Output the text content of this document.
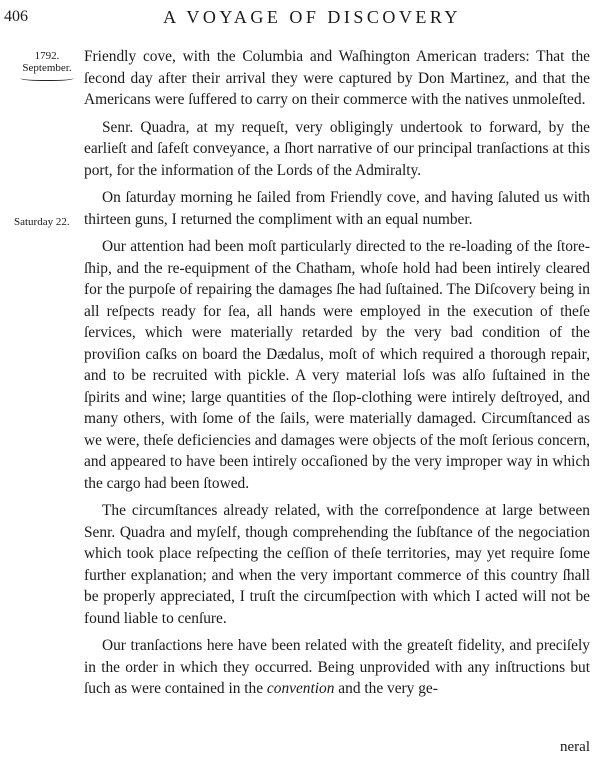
406	A VOYAGE OF DISCOVERY
1792.
September.
Saturday 22.

Friendly cove, with the Columbia and Waſhington American traders: That the ſecond day after their arrival they were captured by Don Martinez, and that the Americans were ſuffered to carry on their commerce with the natives unmoleſted.

Senr. Quadra, at my requeſt, very obligingly undertook to forward, by the earlieſt and ſafeſt conveyance, a ſhort narrative of our principal tranſactions at this port, for the information of the Lords of the Admiralty.

On ſaturday morning he ſailed from Friendly cove, and having ſaluted us with thirteen guns, I returned the compliment with an equal number.

Our attention had been moſt particularly directed to the re-loading of the ſtore-ſhip, and the re-equipment of the Chatham, whoſe hold had been intirely cleared for the purpoſe of repairing the damages ſhe had ſuſtained. The Diſcovery being in all reſpects ready for ſea, all hands were employed in the execution of theſe ſervices, which were materially retarded by the very bad condition of the proviſion caſks on board the Dædalus, moſt of which required a thorough repair, and to be recruited with pickle. A very material loſs was alſo ſuſtained in the ſpirits and wine; large quantities of the ſlop-clothing were intirely deſtroyed, and many others, with ſome of the ſails, were materially damaged. Circumſtanced as we were, theſe deficiencies and damages were objects of the moſt ſerious concern, and appeared to have been intirely occaſioned by the very improper way in which the cargo had been ſtowed.

The circumſtances already related, with the correſpondence at large between Senr. Quadra and myſelf, though comprehending the ſubſtance of the negociation which took place reſpecting the ceſſion of theſe territories, may yet require ſome further explanation; and when the very important commerce of this country ſhall be properly appreciated, I truſt the circumſpection with which I acted will not be found liable to cenſure.

Our tranſactions here have been related with the greateſt fidelity, and preciſely in the order in which they occurred. Being unprovided with any inſtructions but ſuch as were contained in the convention and the very ge-

neral
